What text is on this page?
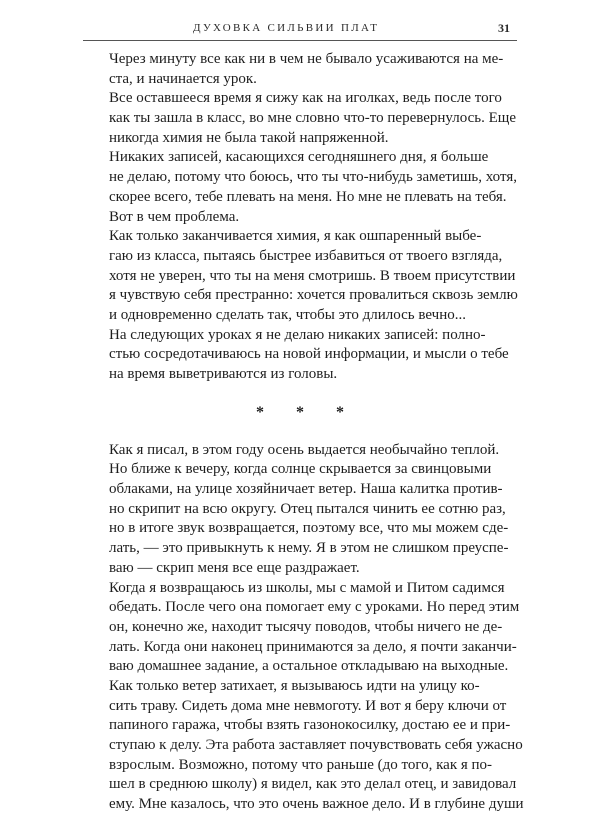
ДУХОВКА СИЛЬВИИ ПЛАТ	31
Через минуту все как ни в чем не бывало усаживаются на ме-
ста, и начинается урок.
Все оставшееся время я сижу как на иголках, ведь после того
как ты зашла в класс, во мне словно что-то перевернулось. Еще
никогда химия не была такой напряженной.
Никаких записей, касающихся сегодняшнего дня, я больше
не делаю, потому что боюсь, что ты что-нибудь заметишь, хотя,
скорее всего, тебе плевать на меня. Но мне не плевать на тебя.
Вот в чем проблема.
Как только заканчивается химия, я как ошпаренный выбе-
гаю из класса, пытаясь быстрее избавиться от твоего взгляда,
хотя не уверен, что ты на меня смотришь. В твоем присутствии
я чувствую себя престранно: хочется провалиться сквозь землю
и одновременно сделать так, чтобы это длилось вечно...
На следующих уроках я не делаю никаких записей: полно-
стью сосредотачиваюсь на новой информации, и мысли о тебе
на время выветриваются из головы.
* * *
Как я писал, в этом году осень выдается необычайно теплой.
Но ближе к вечеру, когда солнце скрывается за свинцовыми
облаками, на улице хозяйничает ветер. Наша калитка против-
но скрипит на всю округу. Отец пытался чинить ее сотню раз,
но в итоге звук возвращается, поэтому все, что мы можем сде-
лать, — это привыкнуть к нему. Я в этом не слишком преуспе-
ваю — скрип меня все еще раздражает.
Когда я возвращаюсь из школы, мы с мамой и Питом садимся
обедать. После чего она помогает ему с уроками. Но перед этим
он, конечно же, находит тысячу поводов, чтобы ничего не де-
лать. Когда они наконец принимаются за дело, я почти заканчи-
ваю домашнее задание, а остальное откладываю на выходные.
Как только ветер затихает, я вызываюсь идти на улицу ко-
сить траву. Сидеть дома мне невмоготу. И вот я беру ключи от
папиного гаража, чтобы взять газонокосилку, достаю ее и при-
ступаю к делу. Эта работа заставляет почувствовать себя ужасно
взрослым. Возможно, потому что раньше (до того, как я по-
шел в среднюю школу) я видел, как это делал отец, и завидовал
ему. Мне казалось, что это очень важное дело. И в глубине души
